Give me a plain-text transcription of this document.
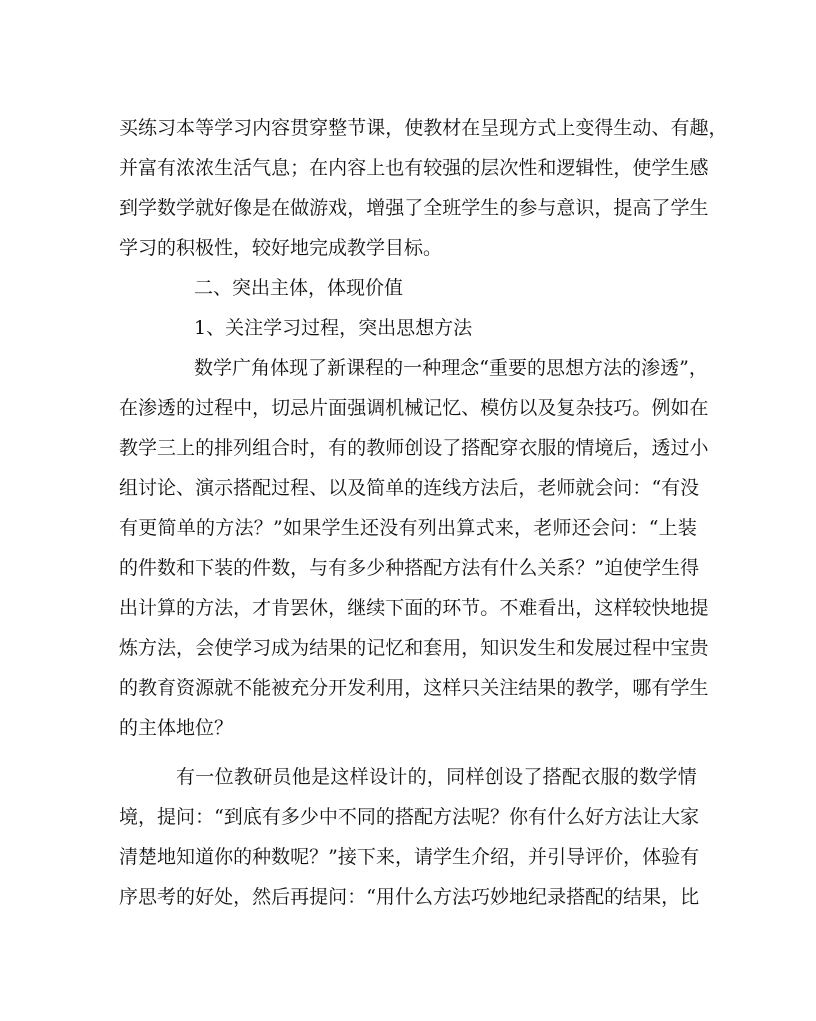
买 练 习 本 等 学 习 内 容 贯 穿 整 节 课 ， 使 教 材 在 呈 现 方 式 上 变 得 生 动 、 有 趣 ，
并 富 有 浓 浓 生 活 气 息 ； 在 内 容 上 也 有 较 强 的 层 次 性 和 逻 辑 性 ， 使 学 生 感
到 学 数 学 就 好 像 是 在 做 游 戏 ， 增 强 了 全 班 学 生 的 参 与 意 识 ， 提 高 了 学 生
学习的积极性，较好地完成教学目标。
二、突出主体，体现价值
1、关注学习过程，突出思想方法
数 学 广 角 体 现 了 新 课 程 的 一 种 理 念 “ 重 要 的 思 想 方 法 的 渗 透 ” ，
在 渗 透 的 过 程 中 ， 切 忌 片 面 强 调 机 械 记 忆 、 模 仿 以 及 复 杂 技 巧 。 例 如 在
教 学 三 上 的 排 列 组 合 时 ， 有 的 教 师 创 设 了 搭 配 穿 衣 服 的 情 境 后 ， 透 过 小
组 讨 论 、 演 示 搭 配 过 程 、 以 及 简 单 的 连 线 方 法 后 ， 老 师 就 会 问 ： “ 有 没
有 更 简 单 的 方 法 ？ ” 如 果 学 生 还 没 有 列 出 算 式 来 ， 老 师 还 会 问 ： “ 上 装
的 件 数 和 下 装 的 件 数 ， 与 有 多 少 种 搭 配 方 法 有 什 么 关 系 ？ ” 迫 使 学 生 得
出 计 算 的 方 法 ， 才 肯 罢 休 ， 继 续 下 面 的 环 节 。 不 难 看 出 ， 这 样 较 快 地 提
炼 方 法 ， 会 使 学 习 成 为 结 果 的 记 忆 和 套 用 ， 知 识 发 生 和 发 展 过 程 中 宝 贵
的 教 育 资 源 就 不 能 被 充 分 开 发 利 用 ， 这 样 只 关 注 结 果 的 教 学 ， 哪 有 学 生
的主体地位？
有 一 位 教 研 员 他 是 这 样 设 计 的 ， 同 样 创 设 了 搭 配 衣 服 的 数 学 情
境 ， 提 问 ： “ 到 底 有 多 少 中 不 同 的 搭 配 方 法 呢 ？ 你 有 什 么 好 方 法 让 大 家
清 楚 地 知 道 你 的 种 数 呢 ？ ” 接 下 来 ， 请 学 生 介 绍 ， 并 引 导 评 价 ， 体 验 有
序 思 考 的 好 处 ， 然 后 再 提 问 ： “ 用 什 么 方 法 巧 妙 地 纪 录 搭 配 的 结 果 ， 比
